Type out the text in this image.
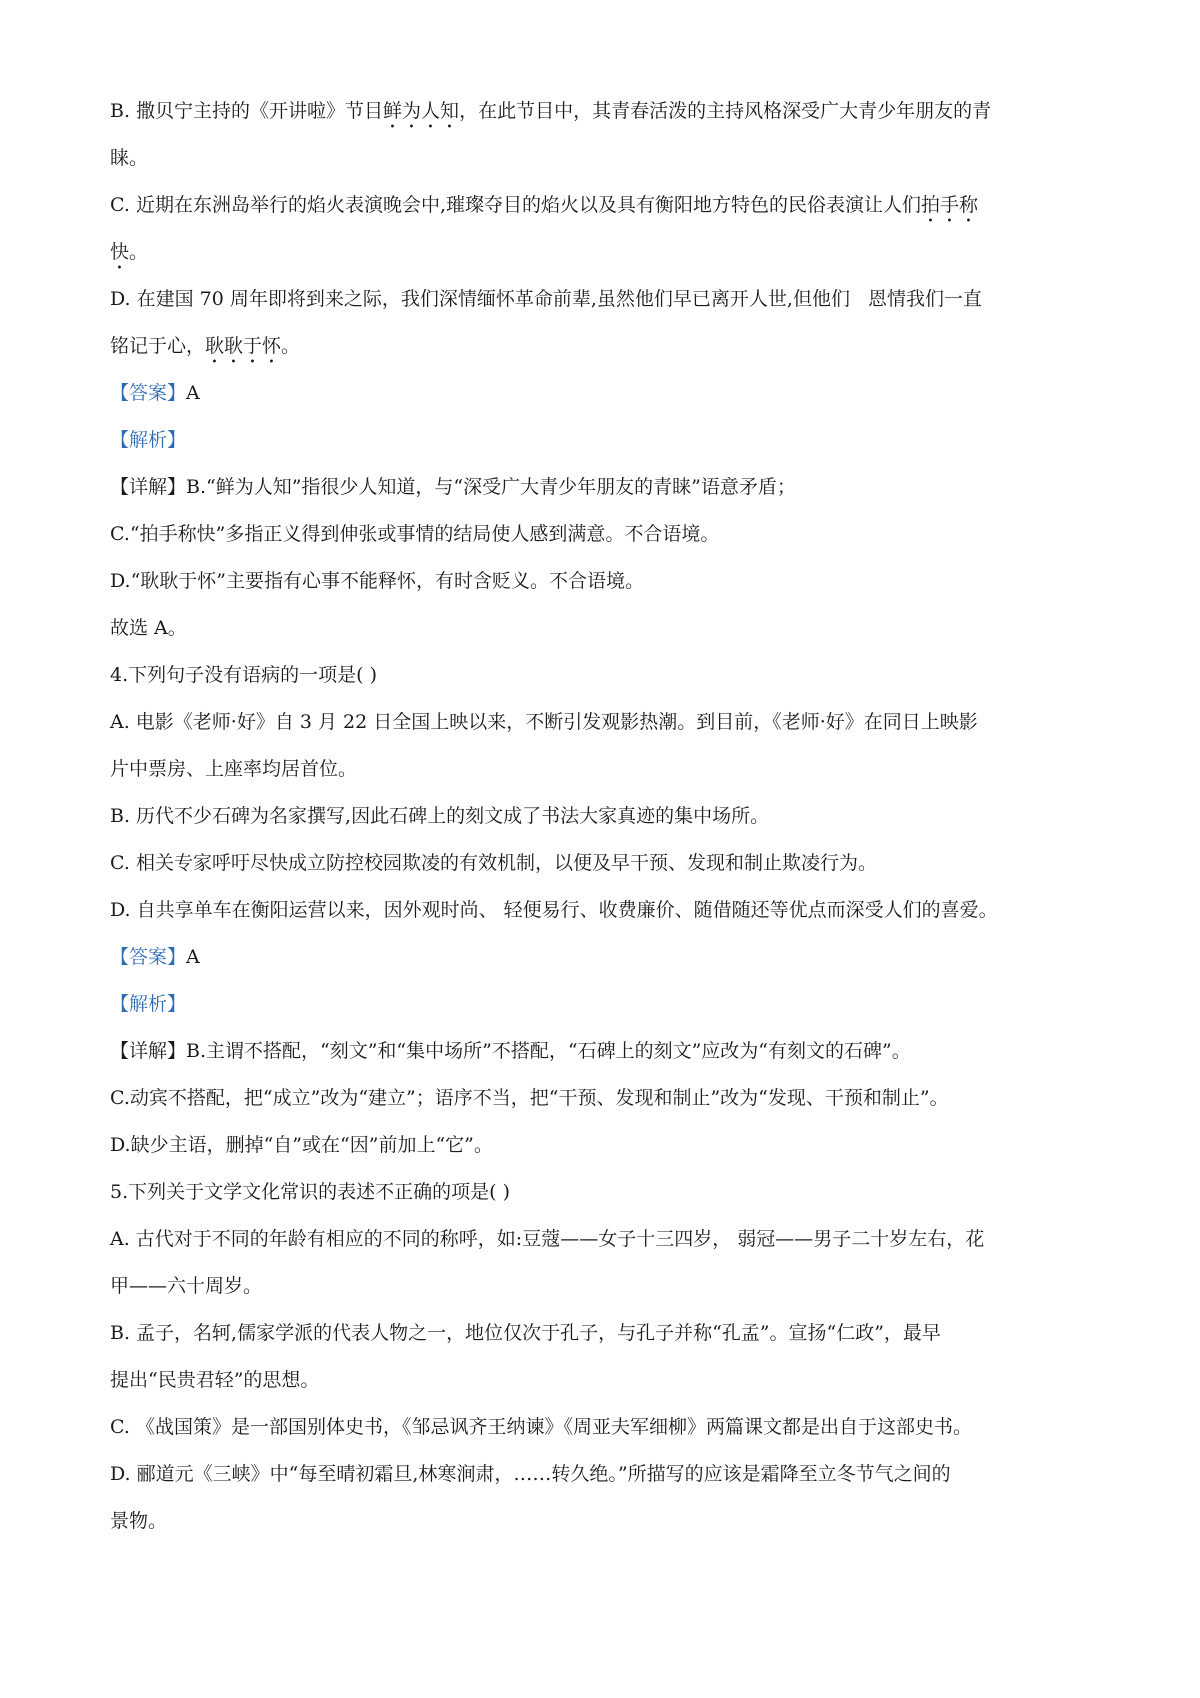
B. 撒贝宁主持的《开讲啦》节目鲜为人知，在此节目中，其青春活泼的主持风格深受广大青少年朋友的青
睐。
C. 近期在东洲岛举行的焰火表演晚会中,璀璨夺目的焰火以及具有衡阳地方特色的民俗表演让人们拍手称
快。
D. 在建国 70 周年即将到来之际，我们深情缅怀革命前辈,虽然他们早已离开人世,但他们 恩情我们一直
铭记于心，耿耿于怀。
【答案】A
【解析】
【详解】B.“鲜为人知”指很少人知道，与“深受广大青少年朋友的青睐”语意矛盾；
C.“拍手称快”多指正义得到伸张或事情的结局使人感到满意。不合语境。
D.“耿耿于怀”主要指有心事不能释怀，有时含贬义。不合语境。
故选 A。
4.下列句子没有语病的一项是( )
A. 电影《老师·好》自 3 月 22 日全国上映以来，不断引发观影热潮。到目前，《老师·好》在同日上映影
片中票房、上座率均居首位。
B. 历代不少石碑为名家撰写,因此石碑上的刻文成了书法大家真迹的集中场所。
C. 相关专家呼吁尽快成立防控校园欺凌的有效机制，以便及早干预、发现和制止欺凌行为。
D. 自共享单车在衡阳运营以来，因外观时尚、 轻便易行、收费廉价、随借随还等优点而深受人们的喜爱。
【答案】A
【解析】
【详解】B.主谓不搭配，“刻文”和“集中场所”不搭配，“石碑上的刻文”应改为“有刻文的石碑”。
C.动宾不搭配，把“成立”改为“建立”；语序不当，把“干预、发现和制止”改为“发现、干预和制止”。
D.缺少主语，删掉“自”或在“因”前加上“它”。
5.下列关于文学文化常识的表述不正确的项是( )
A. 古代对于不同的年龄有相应的不同的称呼，如:豆蔻——女子十三四岁， 弱冠——男子二十岁左右，花
甲——六十周岁。
B. 孟子，名轲,儒家学派的代表人物之一，地位仅次于孔子，与孔子并称“孔孟”。宣扬“仁政”，最早
提出“民贵君轻”的思想。
C. 《战国策》是一部国别体史书，《邹忌讽齐王纳谏》《周亚夫军细柳》两篇课文都是出自于这部史书。
D. 郦道元《三峡》中“每至晴初霜旦,林寒涧肃，……转久绝。”所描写的应该是霜降至立冬节气之间的
景物。
